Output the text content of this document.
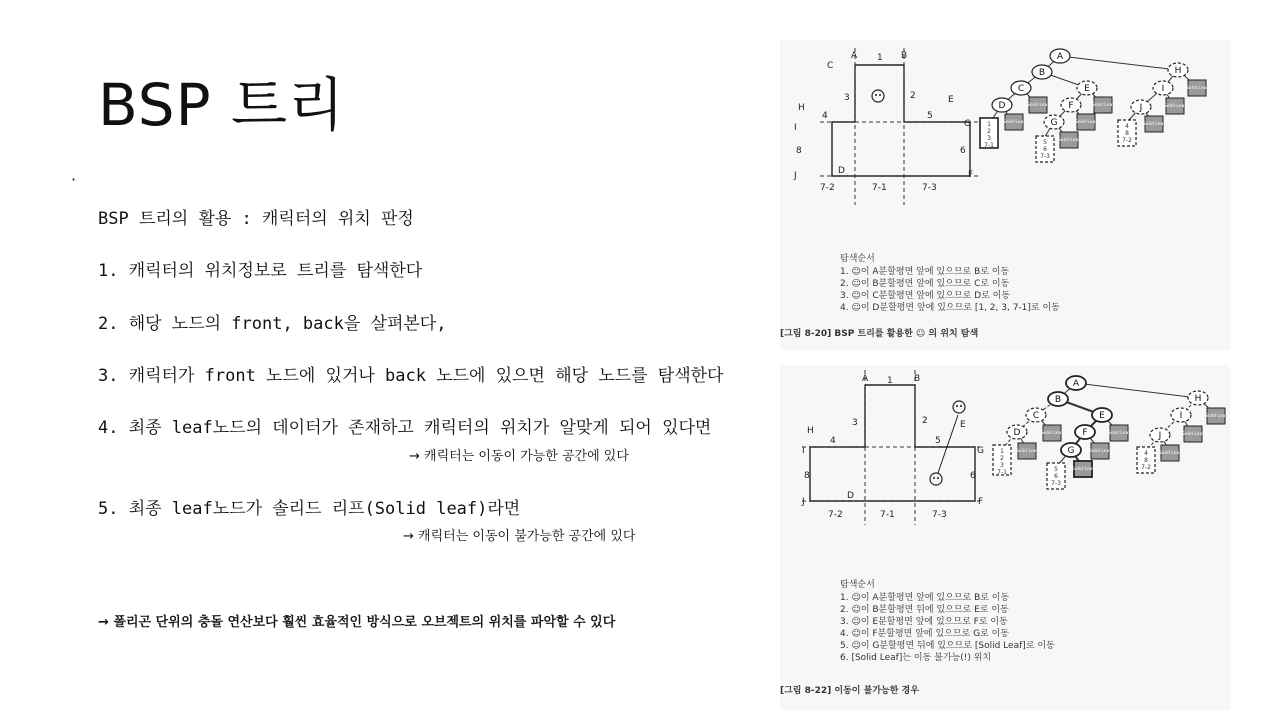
BSP 트리
·
BSP 트리의 활용 : 캐릭터의 위치 판정
1. 캐릭터의 위치정보로 트리를 탐색한다
2. 해당 노드의 front, back을 살펴본다,
3. 캐릭터가 front 노드에 있거나 back 노드에 있으면 해당 노드를 탐색한다
4. 최종 leaf노드의 데이터가 존재하고 캐릭터의 위치가 알맞게 되어 있다면
→ 캐릭터는 이동이 가능한 공간에 있다
5. 최종 leaf노드가 솔리드 리프(Solid leaf)라면
→ 캐릭터는 이동이 불가능한 공간에 있다
→ 폴리곤 단위의 충돌 연산보다 훨씬 효율적인 방식으로 오브젝트의 위치를 파악할 수 있다
A 1 B
C
3	2	E
H
4	5
I	G
8	6
D
J	F
7-2	7-1	7-3
A
B
C	E
D	F
G
H
I
J
Solid Leaf	Solid Leaf
Solid Leaf
Solid Leaf
Solid Leaf
Solid Leaf
Solid Leaf
Solid Leaf
1
2
3
7-1	5
6
7-3
4
8
7-2
탐색순서
1. ☺이 A분할평면 앞에 있으므로 B로 이동
2. ☺이 B분할평면 앞에 있으므로 C로 이동
3. ☺이 C분할평면 앞에 있으므로 D로 이동
4. ☺이 D분할평면 앞에 있으므로 [1, 2, 3, 7-1]로 이동
[그림 8-20] BSP 트리를 활용한 ☺ 의 위치 탐색
A 1 B
3	2	E
H
4	5
I	G
8	6
D
J	F
7-2	7-1	7-3
A
B
C	E
D	F
G
H
I
J
Solid Leaf	Solid Leaf
Solid Leaf
Solid Leaf
Solid Leaf
Solid Leaf
Solid Leaf
Solid Leaf
1
2
3
7-1	5
6
7-3
4
8
7-2
탐색순서
1. ☺이 A분할평면 앞에 있으므로 B로 이동
2. ☺이 B분할평면 뒤에 있으므로 E로 이동
3. ☺이 E분할평면 앞에 있으므로 F로 이동
4. ☺이 F분할평면 앞에 있으므로 G로 이동
5. ☺이 G분할평면 뒤에 있으므로 [Solid Leaf]로 이동
6. [Solid Leaf]는 이동 불가능(!) 위치
[그림 8-22] 이동이 불가능한 경우
